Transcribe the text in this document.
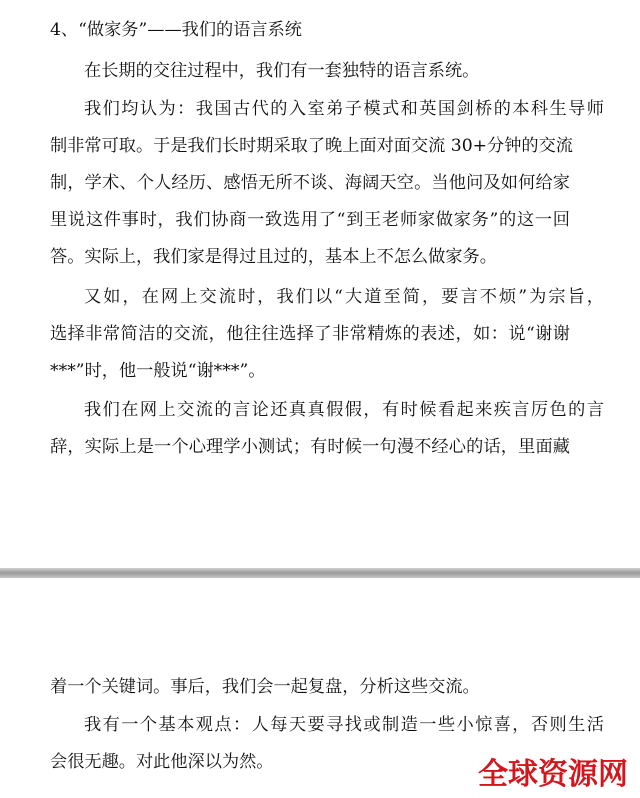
4、“做家务”——我们的语言系统
在长期的交往过程中，我们有一套独特的语言系统。
我们均认为：我国古代的入室弟子模式和英国剑桥的本科生导师
制非常可取。于是我们长时期采取了晚上面对面交流 30+分钟的交流
制，学术、个人经历、感悟无所不谈、海阔天空。当他问及如何给家
里说这件事时，我们协商一致选用了“到王老师家做家务”的这一回
答。实际上，我们家是得过且过的，基本上不怎么做家务。
又如，在网上交流时，我们以“大道至简，要言不烦”为宗旨，
选择非常简洁的交流，他往往选择了非常精炼的表述，如：说“谢谢
***”时，他一般说“谢***”。
我们在网上交流的言论还真真假假，有时候看起来疾言厉色的言
辞，实际上是一个心理学小测试；有时候一句漫不经心的话，里面藏
着一个关键词。事后，我们会一起复盘，分析这些交流。
我有一个基本观点：人每天要寻找或制造一些小惊喜，否则生活
会很无趣。对此他深以为然。	全球资源网
